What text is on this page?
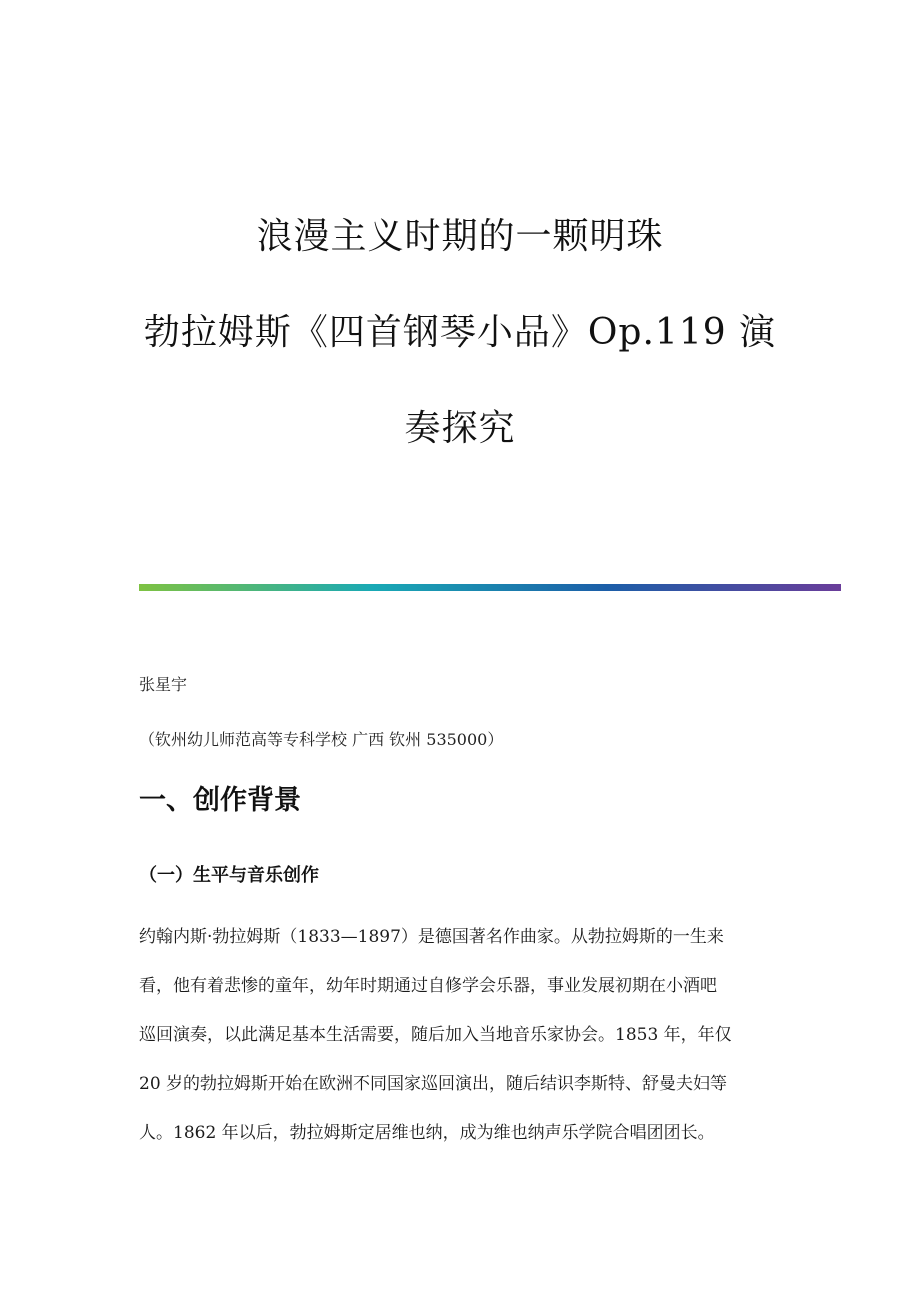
浪漫主义时期的一颗明珠
勃拉姆斯《四首钢琴小品》Op.119 演
奏探究
张星宇
（钦州幼儿师范高等专科学校 广西 钦州 535000）
一、创作背景
（一）生平与音乐创作
约翰内斯·勃拉姆斯（1833—1897）是德国著名作曲家。从勃拉姆斯的一生来
看，他有着悲惨的童年，幼年时期通过自修学会乐器，事业发展初期在小酒吧
巡回演奏，以此满足基本生活需要，随后加入当地音乐家协会。1853 年，年仅
20 岁的勃拉姆斯开始在欧洲不同国家巡回演出，随后结识李斯特、舒曼夫妇等
人。1862 年以后，勃拉姆斯定居维也纳，成为维也纳声乐学院合唱团团长。
